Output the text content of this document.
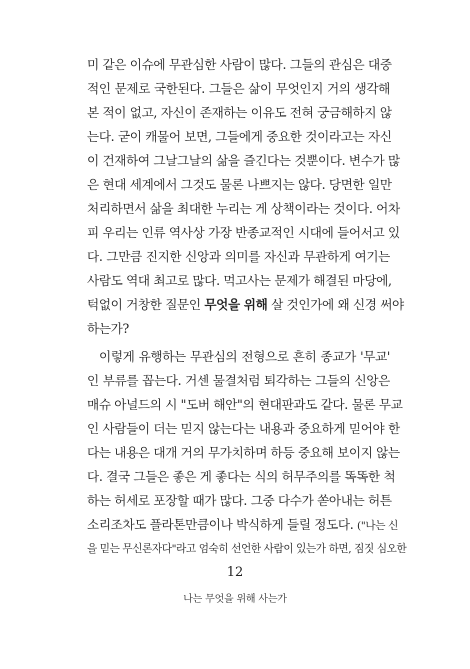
미 같은 이슈에 무관심한 사람이 많다. 그들의 관심은 대중
적인 문제로 국한된다. 그들은 삶이 무엇인지 거의 생각해
본 적이 없고, 자신이 존재하는 이유도 전혀 궁금해하지 않
는다. 굳이 캐물어 보면, 그들에게 중요한 것이라고는 자신
이 건재하여 그날그날의 삶을 즐긴다는 것뿐이다. 변수가 많
은 현대 세계에서 그것도 물론 나쁘지는 않다. 당면한 일만
처리하면서 삶을 최대한 누리는 게 상책이라는 것이다. 어차
피 우리는 인류 역사상 가장 반종교적인 시대에 들어서고 있
다. 그만큼 진지한 신앙과 의미를 자신과 무관하게 여기는
사람도 역대 최고로 많다. 먹고사는 문제가 해결된 마당에,
턱없이 거창한 질문인 무엇을 위해 살 것인가에 왜 신경 써야
하는가?
이렇게 유행하는 무관심의 전형으로 흔히 종교가 '무교'
인 부류를 꼽는다. 거센 물결처럼 퇴각하는 그들의 신앙은
매슈 아널드의 시 "도버 해안"의 현대판과도 같다. 물론 무교
인 사람들이 더는 믿지 않는다는 내용과 중요하게 믿어야 한
다는 내용은 대개 거의 무가치하며 하등 중요해 보이지 않는
다. 결국 그들은 좋은 게 좋다는 식의 허무주의를 똑똑한 척
하는 허세로 포장할 때가 많다. 그중 다수가 쏟아내는 허튼
소리조차도 플라톤만큼이나 박식하게 들릴 정도다. ("나는 신
을 믿는 무신론자다"라고 엄숙히 선언한 사람이 있는가 하면, 짐짓 심오한
12
나는 무엇을 위해 사는가
